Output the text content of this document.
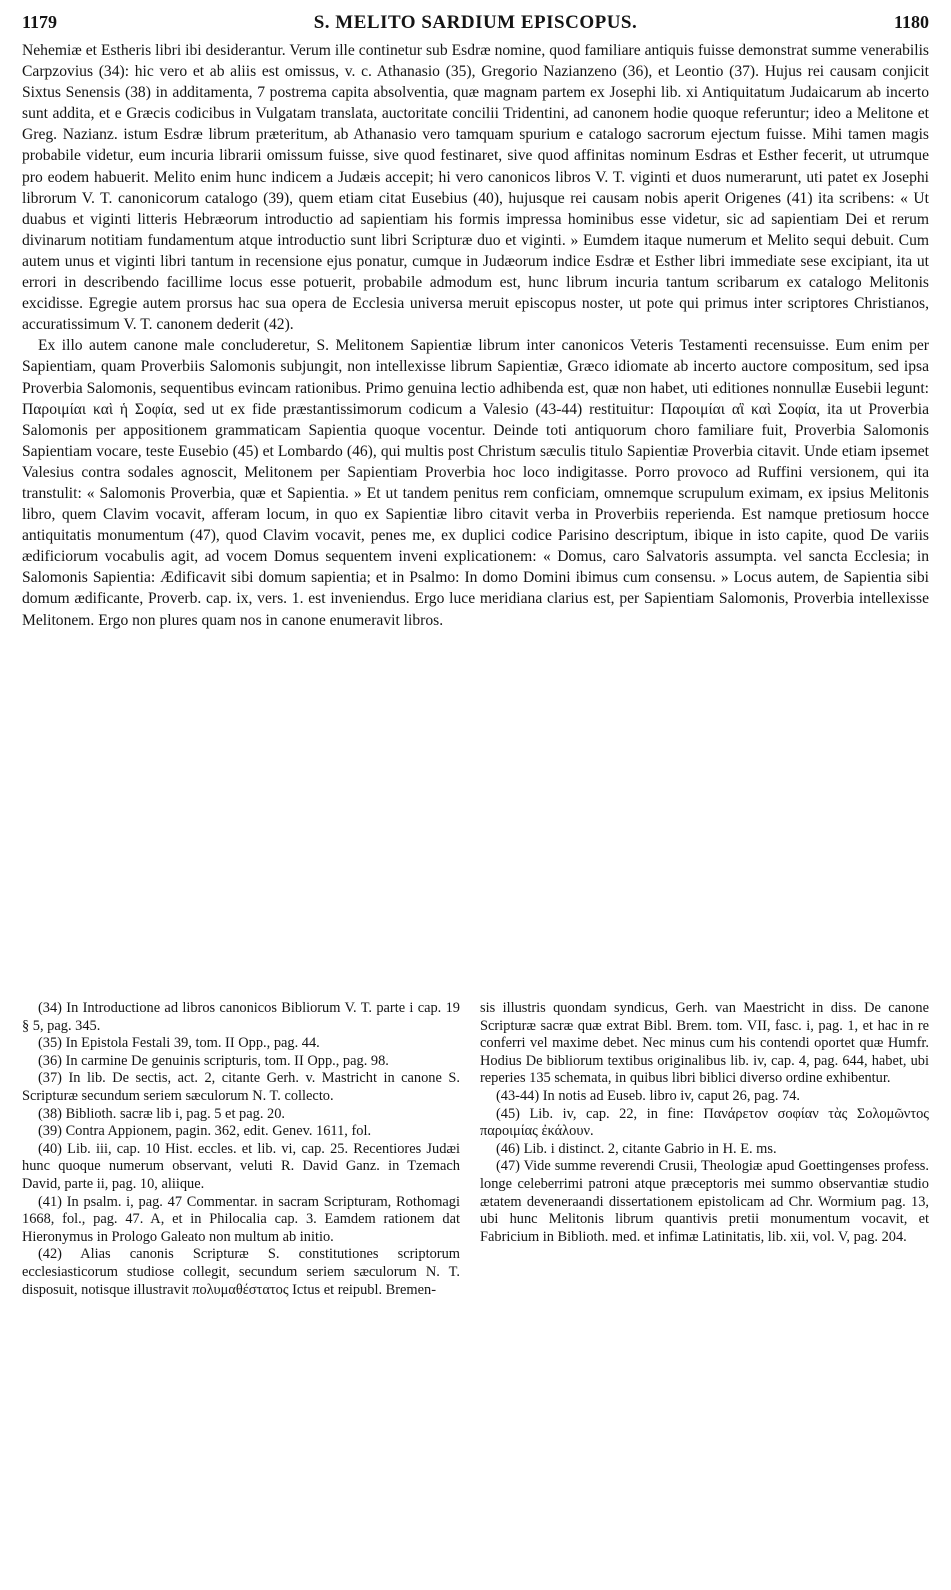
1179	S. MELITO SARDIUM EPISCOPUS.	1180

Nehemiæ et Estheris libri ibi desiderantur. Verum ille continetur sub Esdræ nomine, quod familiare antiquis fuisse demonstrat summe venerabilis Carpzovius (34): hic vero et ab aliis est omissus, v. c. Athanasio (35), Gregorio Nazianzeno (36), et Leontio (37). Hujus rei causam conjicit Sixtus Senensis (38) in additamenta, 7 postrema capita absolventia, quæ magnam partem ex Josephi lib. xi Antiquitatum Judaicarum ab incerto sunt addita, et e Græcis codicibus in Vulgatam translata, auctoritate concilii Tridentini, ad canonem hodie quoque referuntur; ideo a Melitone et Greg. Nazianz. istum Esdræ librum præteritum, ab Athanasio vero tamquam spurium e catalogo sacrorum ejectum fuisse. Mihi tamen magis probabile videtur, eum incuria librarii omissum fuisse, sive quod festinaret, sive quod affinitas nominum Esdras et Esther fecerit, ut utrumque pro eodem habuerit. Melito enim hunc indicem a Judæis accepit; hi vero canonicos libros V. T. viginti et duos numerarunt, uti patet ex Josephi librorum V. T. canonicorum catalogo (39), quem etiam citat Eusebius (40), hujusque rei causam nobis aperit Origenes (41) ita scribens: « Ut duabus et viginti litteris Hebræorum introductio ad sapientiam his formis impressa hominibus esse videtur, sic ad sapientiam Dei et rerum divinarum notitiam fundamentum atque introductio sunt libri Scripturæ duo et viginti. » Eumdem itaque numerum et Melito sequi debuit. Cum autem unus et viginti libri tantum in recensione ejus ponatur, cumque in Judæorum indice Esdræ et Esther libri immediate sese excipiant, ita ut errori in describendo facillime locus esse potuerit, probabile admodum est, hunc librum incuria tantum scribarum ex catalogo Melitonis excidisse. Egregie autem prorsus hac sua opera de Ecclesia universa meruit episcopus noster, ut pote qui primus inter scriptores Christianos, accuratissimum V. T. canonem dederit (42).

Ex illo autem canone male concluderetur, S. Melitonem Sapientiæ librum inter canonicos Veteris Testamenti recensuisse. Eum enim per Sapientiam, quam Proverbiis Salomonis subjungit, non intellexisse librum Sapientiæ, Græco idiomate ab incerto auctore compositum, sed ipsa Proverbia Salomonis, sequentibus evincam rationibus. Primo genuina lectio adhibenda est, quæ non habet, uti editiones nonnullæ Eusebii legunt: Παροιμίαι καὶ ἡ Σοφία, sed ut ex fide præstantissimorum codicum a Valesio (43-44) restituitur: Παροιμίαι αἳ καὶ Σοφία, ita ut Proverbia Salomonis per appositionem grammaticam Sapientia quoque vocentur. Deinde toti antiquorum choro familiare fuit, Proverbia Salomonis Sapientiam vocare, teste Eusebio (45) et Lombardo (46), qui multis post Christum sæculis titulo Sapientiæ Proverbia citavit. Unde etiam ipsemet Valesius contra sodales agnoscit, Melitonem per Sapientiam Proverbia hoc loco indigitasse. Porro provoco ad Ruffini versionem, qui ita transtulit: « Salomonis Proverbia, quæ et Sapientia. » Et ut tandem penitus rem conficiam, omnemque scrupulum eximam, ex ipsius Melitonis libro, quem Clavim vocavit, afferam locum, in quo ex Sapientiæ libro citavit verba in Proverbiis reperienda. Est namque pretiosum hocce antiquitatis monumentum (47), quod Clavim vocavit, penes me, ex duplici codice Parisino descriptum, ibique in isto capite, quod De variis ædificiorum vocabulis agit, ad vocem Domus sequentem inveni explicationem: « Domus, caro Salvatoris assumpta. vel sancta Ecclesia; in Salomonis Sapientia: Ædificavit sibi domum sapientia; et in Psalmo: In domo Domini ibimus cum consensu. » Locus autem, de Sapientia sibi domum ædificante, Proverb. cap. ix, vers. 1. est inveniendus. Ergo luce meridiana clarius est, per Sapientiam Salomonis, Proverbia intellexisse Melitonem. Ergo non plures quam nos in canone enumeravit libros.

(34) In Introductione ad libros canonicos Bibliorum V. T. parte i cap. 19 § 5, pag. 345.

(35) In Epistola Festali 39, tom. II Opp., pag. 44.

(36) In carmine De genuinis scripturis, tom. II Opp., pag. 98.

(37) In lib. De sectis, act. 2, citante Gerh. v. Mastricht in canone S. Scripturæ secundum seriem sæculorum N. T. collecto.

(38) Biblioth. sacræ lib i, pag. 5 et pag. 20.

(39) Contra Appionem, pagin. 362, edit. Genev. 1611, fol.

(40) Lib. iii, cap. 10 Hist. eccles. et lib. vi, cap. 25. Recentiores Judæi hunc quoque numerum observant, veluti R. David Ganz. in Tzemach David, parte ii, pag. 10, aliique.

(41) In psalm. i, pag. 47 Commentar. in sacram Scripturam, Rothomagi 1668, fol., pag. 47. A, et in Philocalia cap. 3. Eamdem rationem dat Hieronymus in Prologo Galeato non multum ab initio.

(42) Alias canonis Scripturæ S. constitutiones scriptorum ecclesiasticorum studiose collegit, secundum seriem sæculorum N. T. disposuit, notisque illustravit πολυμαθέστατος Ictus et reipubl. Bremen-

sis illustris quondam syndicus, Gerh. van Maestricht in diss. De canone Scripturæ sacræ quæ extrat Bibl. Brem. tom. VII, fasc. i, pag. 1, et hac in re conferri vel maxime debet. Nec minus cum his contendi oportet quæ Humfr. Hodius De bibliorum textibus originalibus lib. iv, cap. 4, pag. 644, habet, ubi reperies 135 schemata, in quibus libri biblici diverso ordine exhibentur.

(43-44) In notis ad Euseb. libro iv, caput 26, pag. 74.

(45) Lib. iv, cap. 22, in fine: Πανάρετον σοφίαν τὰς Σολομῶντος παροιμίας ἐκάλουν.

(46) Lib. i distinct. 2, citante Gabrio in H. E. ms.

(47) Vide summe reverendi Crusii, Theologiæ apud Goettingenses profess. longe celeberrimi patroni atque præceptoris mei summo observantiæ studio ætatem deveneraandi dissertationem epistolicam ad Chr. Wormium pag. 13, ubi hunc Melitonis librum quantivis pretii monumentum vocavit, et Fabricium in Biblioth. med. et infimæ Latinitatis, lib. xii, vol. V, pag. 204.
